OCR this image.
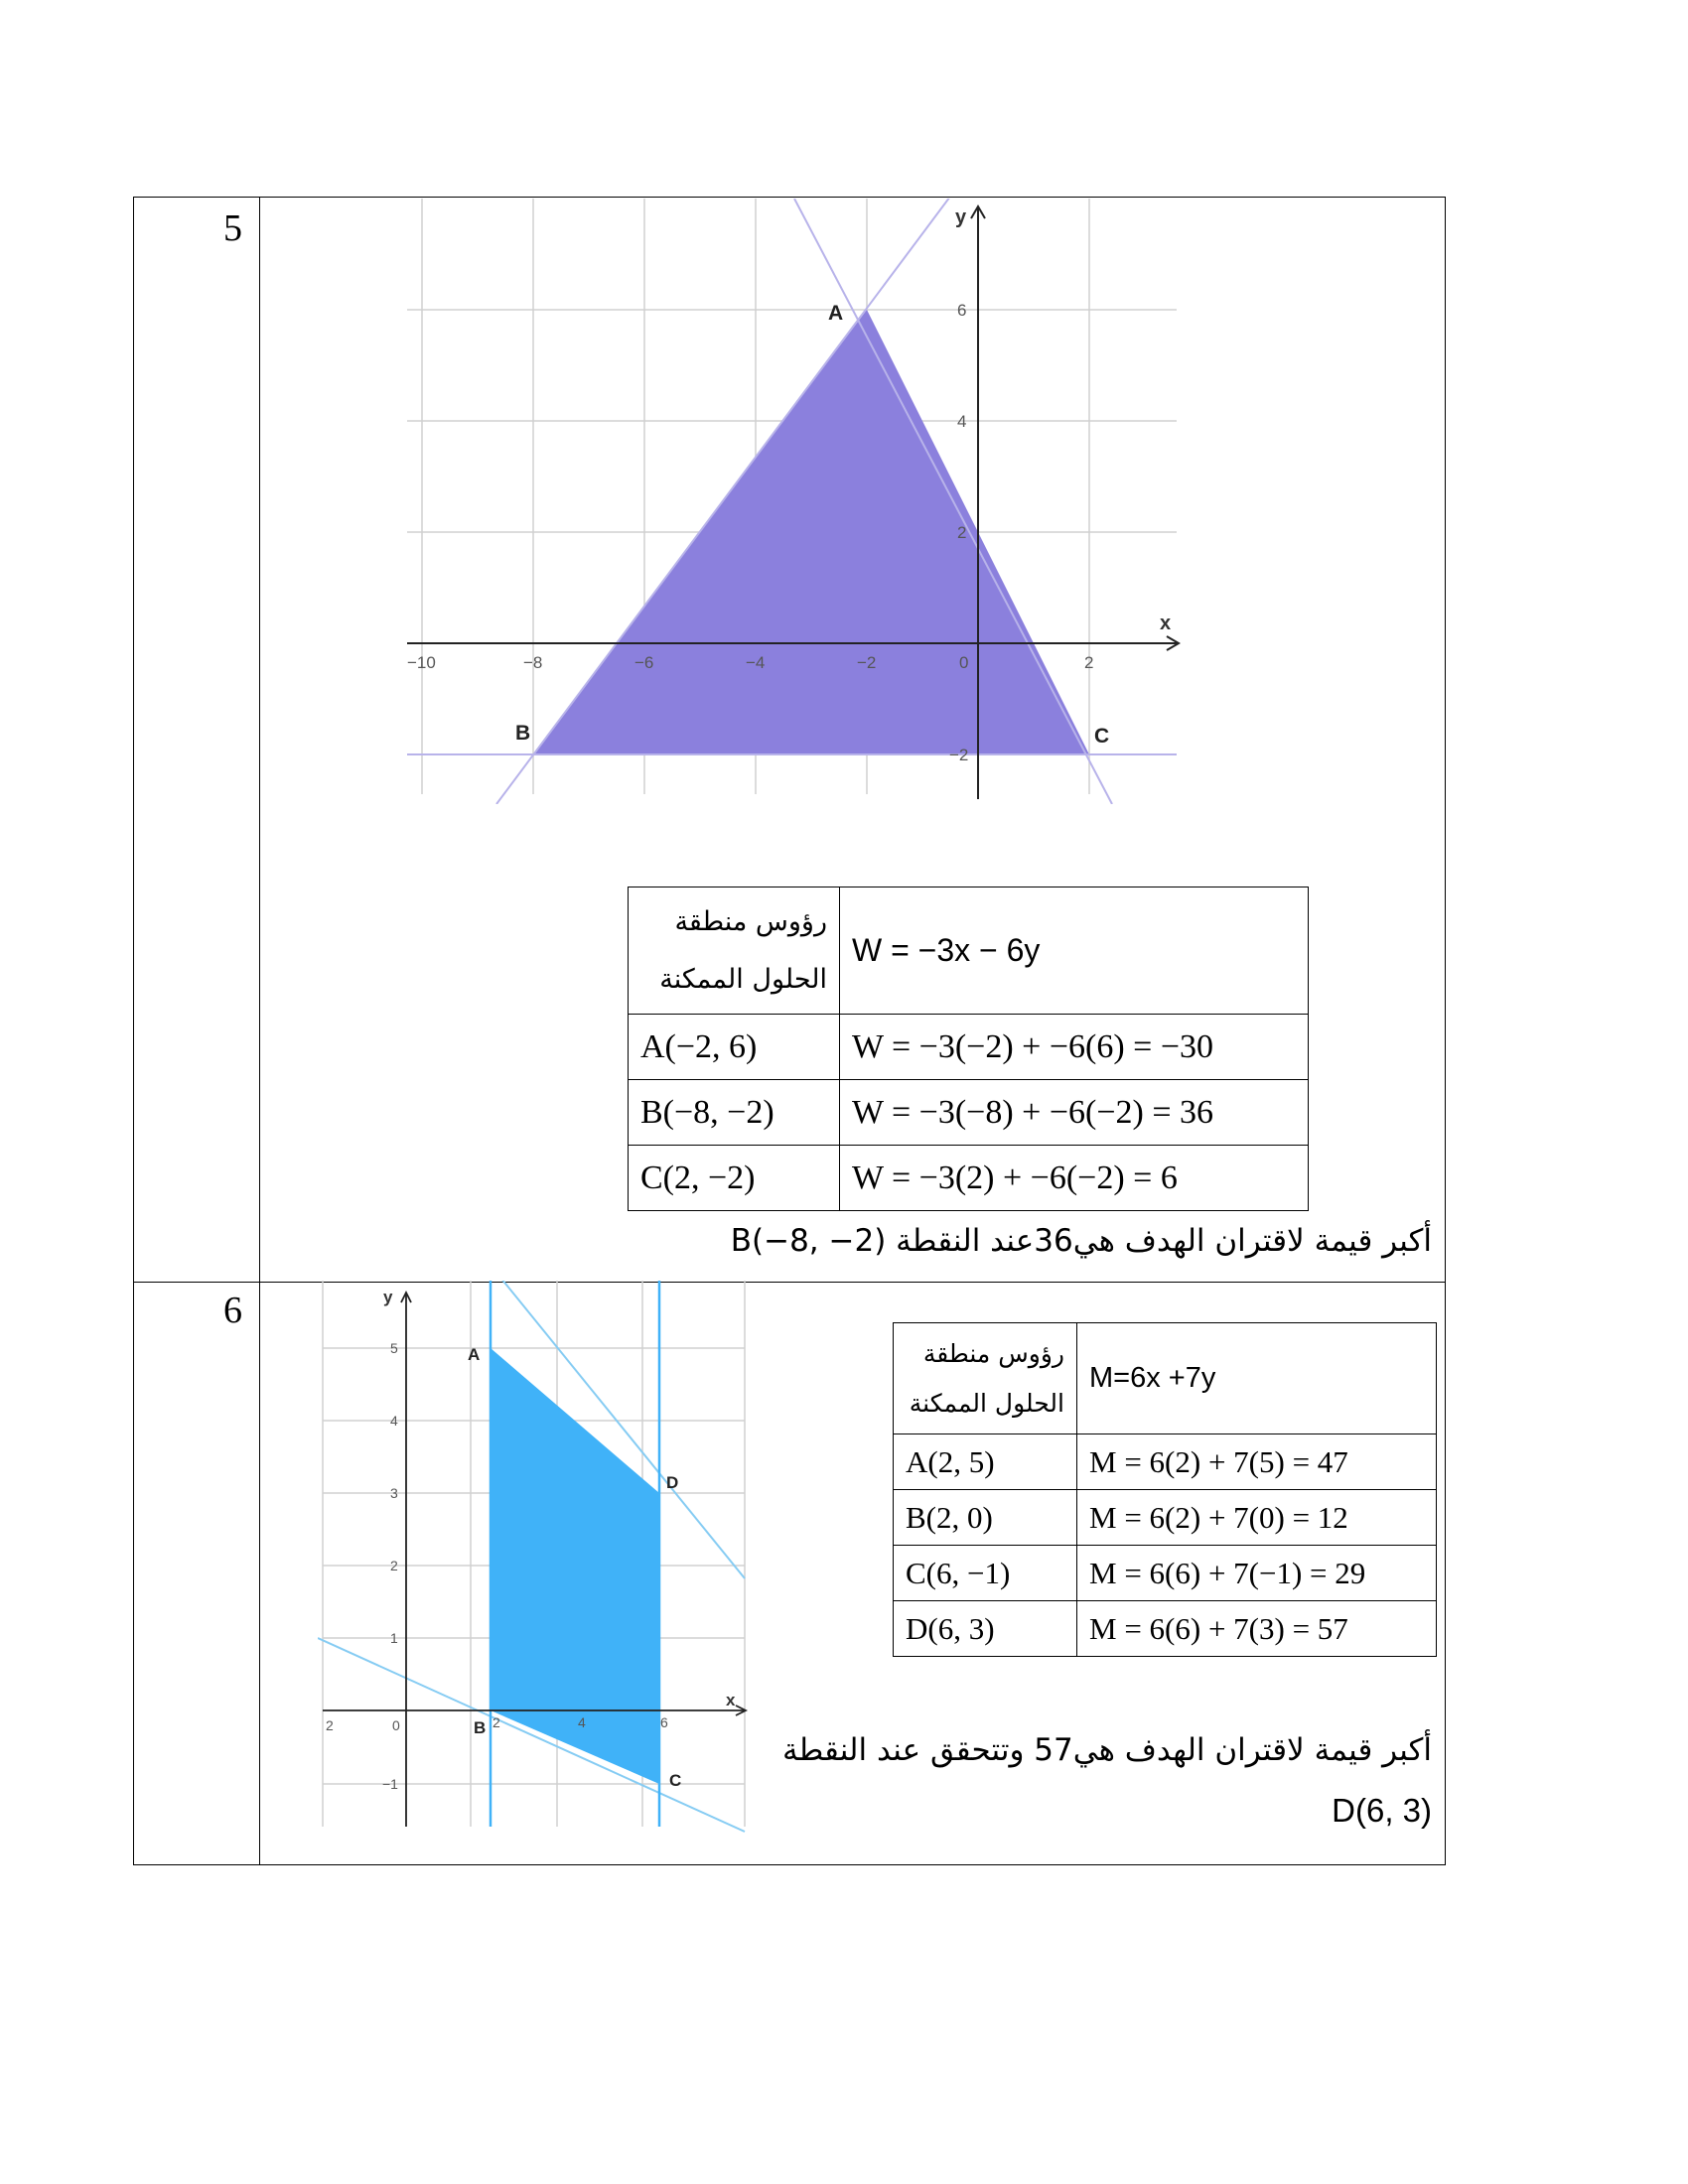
5
6
−10	−8	−6	−4	−2	0	2
6
4
2
−2
x
y
A
B	C
رؤوس منطقة الحلول الممكنة	W = −3x − 6y
A(−2, 6)	W = −3(−2) + −6(6) = −30
B(−8, −2)	W = −3(−8) + −6(−2) = 36
C(2, −2)	W = −3(2) + −6(−2) = 6
أكبر قيمة لاقتران الهدف هي36عند النقطة (2− ,8−)B
2	0	2	4	6
5
4
3
2
1
−1
x
y
A
B
C
D
رؤوس منطقة الحلول الممكنة	M=6x +7y
A(2, 5)	M = 6(2) + 7(5) = 47
B(2, 0)	M = 6(2) + 7(0) = 12
C(6, −1)	M = 6(6) + 7(−1) = 29
D(6, 3)	M = 6(6) + 7(3) = 57
أكبر قيمة لاقتران الهدف هي57 وتتحقق عند النقطة
D(6, 3)
